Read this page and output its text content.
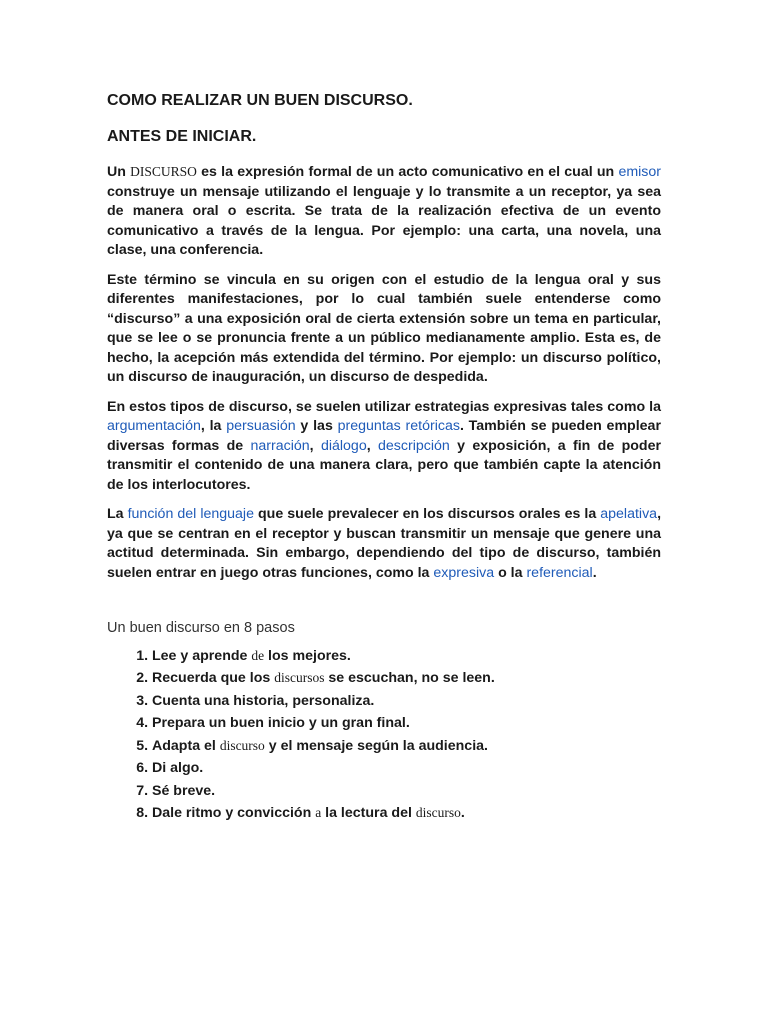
COMO REALIZAR UN BUEN DISCURSO.
ANTES DE INICIAR.

Un DISCURSO es la expresión formal de un acto comunicativo en el cual un emisor construye un mensaje utilizando el lenguaje y lo transmite a un receptor, ya sea de manera oral o escrita. Se trata de la realización efectiva de un evento comunicativo a través de la lengua. Por ejemplo: una carta, una novela, una clase, una conferencia.

Este término se vincula en su origen con el estudio de la lengua oral y sus diferentes manifestaciones, por lo cual también suele entenderse como “discurso” a una exposición oral de cierta extensión sobre un tema en particular, que se lee o se pronuncia frente a un público medianamente amplio. Esta es, de hecho, la acepción más extendida del término. Por ejemplo: un discurso político, un discurso de inauguración, un discurso de despedida.

En estos tipos de discurso, se suelen utilizar estrategias expresivas tales como la argumentación, la persuasión y las preguntas retóricas. También se pueden emplear diversas formas de narración, diálogo, descripción y exposición, a fin de poder transmitir el contenido de una manera clara, pero que también capte la atención de los interlocutores.

La función del lenguaje que suele prevalecer en los discursos orales es la apelativa, ya que se centran en el receptor y buscan transmitir un mensaje que genere una actitud determinada. Sin embargo, dependiendo del tipo de discurso, también suelen entrar en juego otras funciones, como la expresiva o la referencial.

Un buen discurso en 8 pasos
1. Lee y aprende de los mejores.
2. Recuerda que los discursos se escuchan, no se leen.
3. Cuenta una historia, personaliza.
4. Prepara un buen inicio y un gran final.
5. Adapta el discurso y el mensaje según la audiencia.
6. Di algo.
7. Sé breve.
8. Dale ritmo y convicción a la lectura del discurso.
